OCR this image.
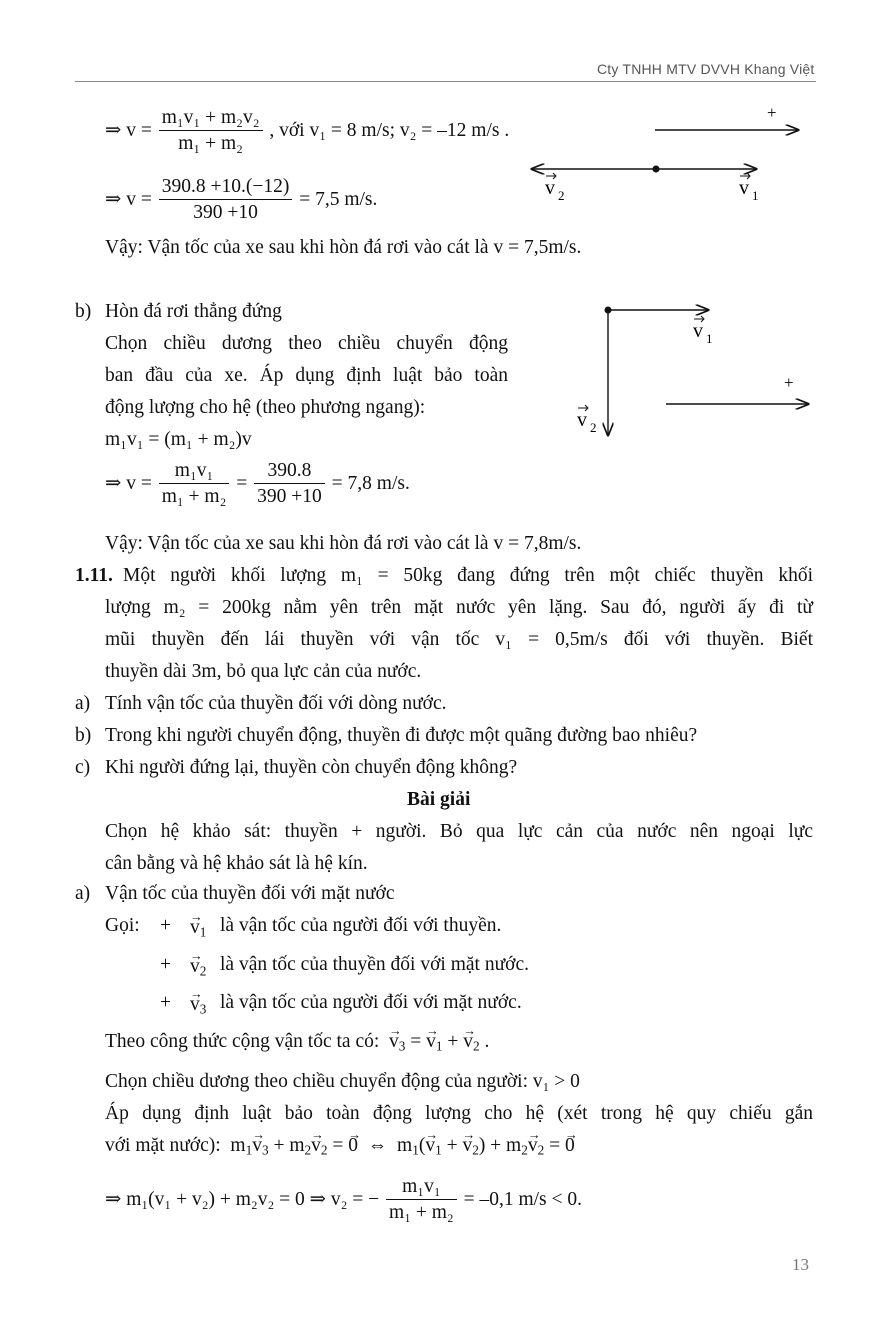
Cty TNHH MTV DVVH Khang Việt
⇒ $v = \frac{\text{m₁v₁ + m₂v₂}}{\text{m₁ + m₂}}$ , với v₁ = 8 m/s; v₂ = –12 m/s .
⇒ $v = \frac{390.8 +10.(-12)}{390 +10} = 7,5$ m/s.
Vậy: Vận tốc của xe sau khi hòn đá rơi vào cát là v = 7,5m/s.
+
v 2	v 1
b) Hòn đá rơi thẳng đứng
Chọn chiều dương theo chiều chuyển động
ban đầu của xe. Áp dụng định luật bảo toàn
động lượng cho hệ (theo phương ngang):
m₁v₁ = (m₁ + m₂)v
⇒ $v = \frac{\text{m₁v₁}}{\text{m₁ + m₂}} = \frac{390.8}{390 +10} = 7,8$ m/s.
Vậy: Vận tốc của xe sau khi hòn đá rơi vào cát là v = 7,8m/s.
v 1
v 2
+
1.11. Một người khối lượng m₁ = 50kg đang đứng trên một chiếc thuyền khối
lượng m₂ = 200kg nằm yên trên mặt nước yên lặng. Sau đó, người ấy đi từ
mũi thuyền đến lái thuyền với vận tốc v₁ = 0,5m/s đối với thuyền. Biết
thuyền dài 3m, bỏ qua lực cản của nước.
a) Tính vận tốc của thuyền đối với dòng nước.
b) Trong khi người chuyển động, thuyền đi được một quãng đường bao nhiêu?
c) Khi người đứng lại, thuyền còn chuyển động không?
Bài giải
Chọn hệ khảo sát: thuyền + người. Bỏ qua lực cản của nước nên ngoại lực
cân bằng và hệ khảo sát là hệ kín.
a) Vận tốc của thuyền đối với mặt nước
Gọi: + → $v_1$ là vận tốc của người đối với thuyền.
+ → $v_2$ là vận tốc của thuyền đối với mặt nước.
+ → $v_3$ là vận tốc của người đối với mặt nước.
Theo công thức cộng vận tốc ta có: → $v_3$ = → $v_1$ + → $v_2$ .
Chọn chiều dương theo chiều chuyển động của người: v₁ > 0
Áp dụng định luật bảo toàn động lượng cho hệ (xét trong hệ quy chiếu gắn
với mặt nước):  $m_1\to v_3 + m_2\to v_2$ = → 0  ⇔  $m_1(\to v_1$ + → $v_2) + m_2\to v_2$ = → 0
⇒ m₁(v₁ + v₂) + m₂v₂ = 0 ⇒ v₂ = − $\frac{\text{m₁v₁}}{\text{m₁ + m₂}} = -0,1$ m/s < 0.
13
